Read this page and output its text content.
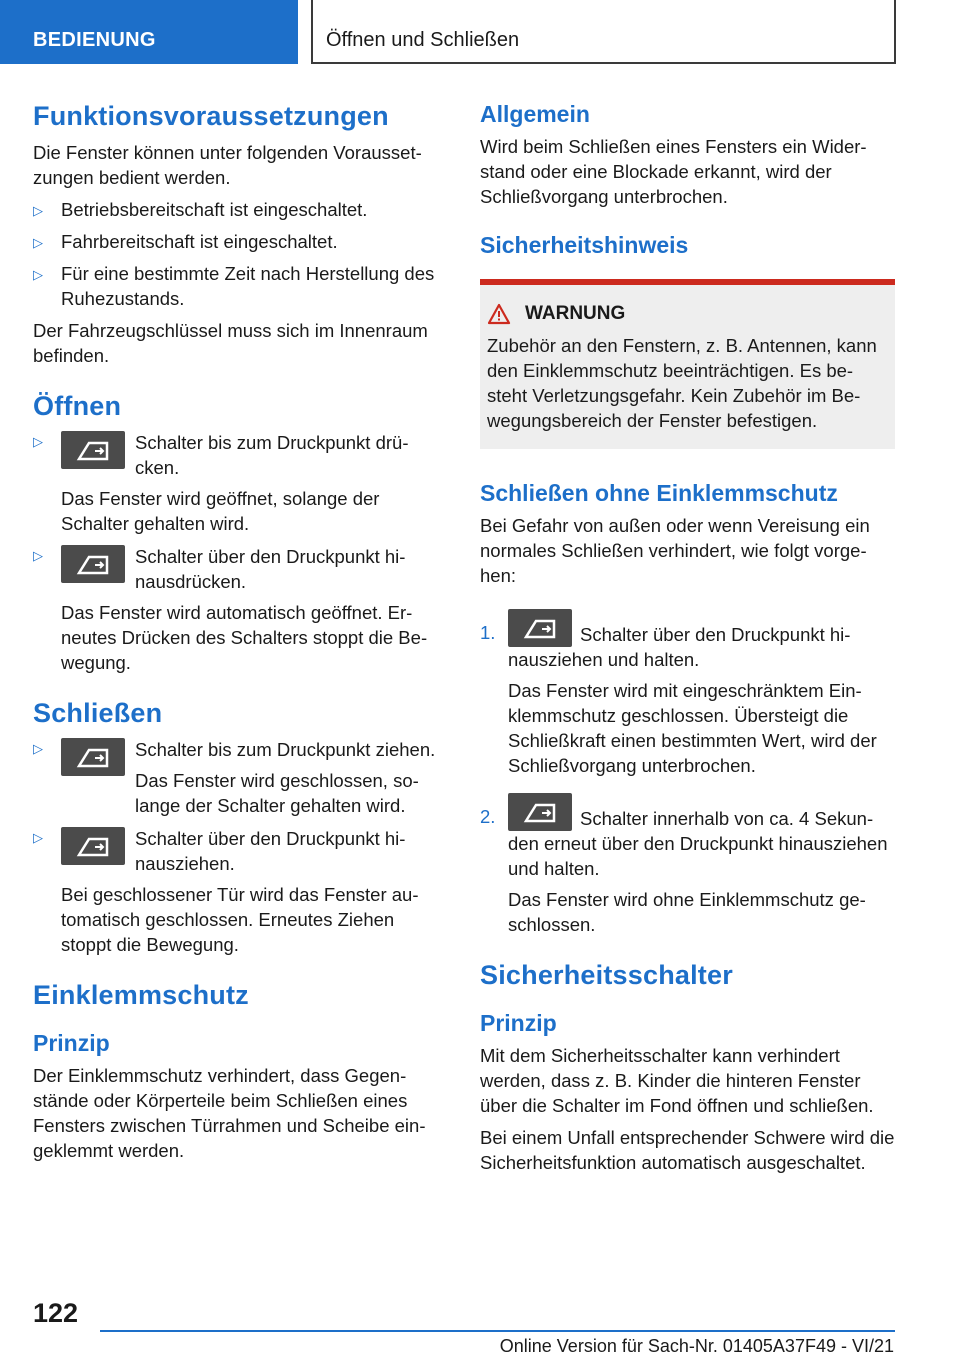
BEDIENUNG	Öffnen und Schließen
Funktionsvoraussetzungen

Die Fenster können unter folgenden Voraussetzungen bedient werden.

▷ Betriebsbereitschaft ist eingeschaltet.
▷ Fahrbereitschaft ist eingeschaltet.
▷ Für eine bestimmte Zeit nach Herstellung des Ruhezustands.

Der Fahrzeugschlüssel muss sich im Innenraum befinden.

Öffnen
▷	Schalter bis zum Druckpunkt drücken.
Das Fenster wird geöffnet, solange der Schalter gehalten wird.
▷	Schalter über den Druckpunkt hinausdrücken.
Das Fenster wird automatisch geöffnet. Erneutes Drücken des Schalters stoppt die Bewegung.
Schließen
▷	Schalter bis zum Druckpunkt ziehen.
Das Fenster wird geschlossen, solange der Schalter gehalten wird.
▷	Schalter über den Druckpunkt hinausziehen.
Bei geschlossener Tür wird das Fenster automatisch geschlossen. Erneutes Ziehen stoppt die Bewegung.
Einklemmschutz
Prinzip

Der Einklemmschutz verhindert, dass Gegenstände oder Körperteile beim Schließen eines Fensters zwischen Türrahmen und Scheibe eingeklemmt werden.

Allgemein

Wird beim Schließen eines Fensters ein Widerstand oder eine Blockade erkannt, wird der Schließvorgang unterbrochen.

Sicherheitshinweis
WARNUNG

Zubehör an den Fenstern, z. B. Antennen, kann den Einklemmschutz beeinträchtigen. Es besteht Verletzungsgefahr. Kein Zubehör im Bewegungsbereich der Fenster befestigen.

Schließen ohne Einklemmschutz

Bei Gefahr von außen oder wenn Vereisung ein normales Schließen verhindert, wie folgt vorgehen:

1.	Schalter über den Druckpunkt hinausziehen und halten.
Das Fenster wird mit eingeschränktem Einklemmschutz geschlossen. Übersteigt die Schließkraft einen bestimmten Wert, wird der Schließvorgang unterbrochen.
2.	Schalter innerhalb von ca. 4 Sekunden erneut über den Druckpunkt hinausziehen und halten.
Das Fenster wird ohne Einklemmschutz geschlossen.
Sicherheitsschalter
Prinzip

Mit dem Sicherheitsschalter kann verhindert werden, dass z. B. Kinder die hinteren Fenster über die Schalter im Fond öffnen und schließen.

Bei einem Unfall entsprechender Schwere wird die Sicherheitsfunktion automatisch ausgeschaltet.

122
Online Version für Sach-Nr. 01405A37F49 - VI/21
